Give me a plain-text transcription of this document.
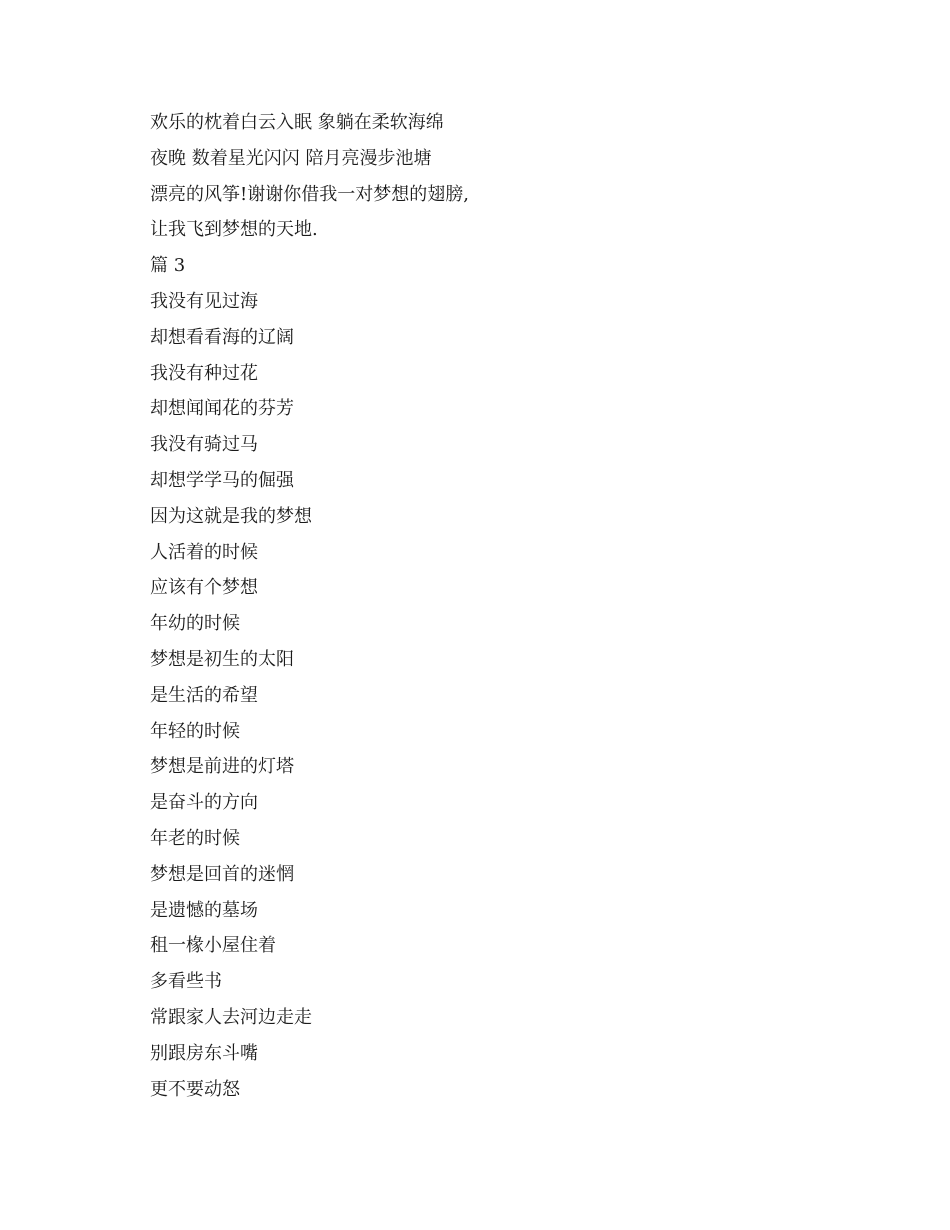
欢乐的枕着白云入眠 象躺在柔软海绵
夜晚 数着星光闪闪 陪月亮漫步池塘
漂亮的风筝!谢谢你借我一对梦想的翅膀,
让我飞到梦想的天地.
篇 3
我没有见过海
却想看看海的辽阔
我没有种过花
却想闻闻花的芬芳
我没有骑过马
却想学学马的倔强
因为这就是我的梦想
人活着的时候
应该有个梦想
年幼的时候
梦想是初生的太阳
是生活的希望
年轻的时候
梦想是前进的灯塔
是奋斗的方向
年老的时候
梦想是回首的迷惘
是遗憾的墓场
租一椽小屋住着
多看些书
常跟家人去河边走走
别跟房东斗嘴
更不要动怒
